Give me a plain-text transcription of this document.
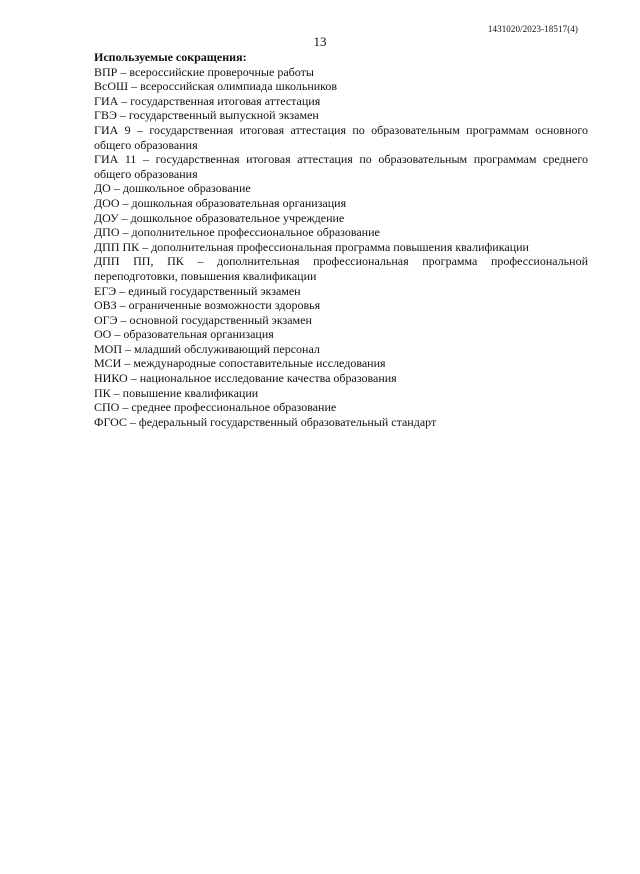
1431020/2023-18517(4)
13
Используемые сокращения:
ВПР – всероссийские проверочные работы
ВсОШ – всероссийская олимпиада школьников
ГИА – государственная итоговая аттестация
ГВЭ – государственный выпускной экзамен
ГИА 9 – государственная итоговая аттестация по образовательным программам основного общего образования
ГИА 11 – государственная итоговая аттестация по образовательным программам среднего общего образования
ДО – дошкольное образование
ДОО – дошкольная образовательная организация
ДОУ – дошкольное образовательное учреждение
ДПО – дополнительное профессиональное образование
ДПП ПК – дополнительная профессиональная программа повышения квалификации
ДПП ПП, ПК – дополнительная профессиональная программа профессиональной переподготовки, повышения квалификации
ЕГЭ – единый государственный экзамен
ОВЗ – ограниченные возможности здоровья
ОГЭ – основной государственный экзамен
ОО – образовательная организация
МОП – младший обслуживающий персонал
МСИ – международные сопоставительные исследования
НИКО – национальное исследование качества образования
ПК – повышение квалификации
СПО – среднее профессиональное образование
ФГОС – федеральный государственный образовательный стандарт
